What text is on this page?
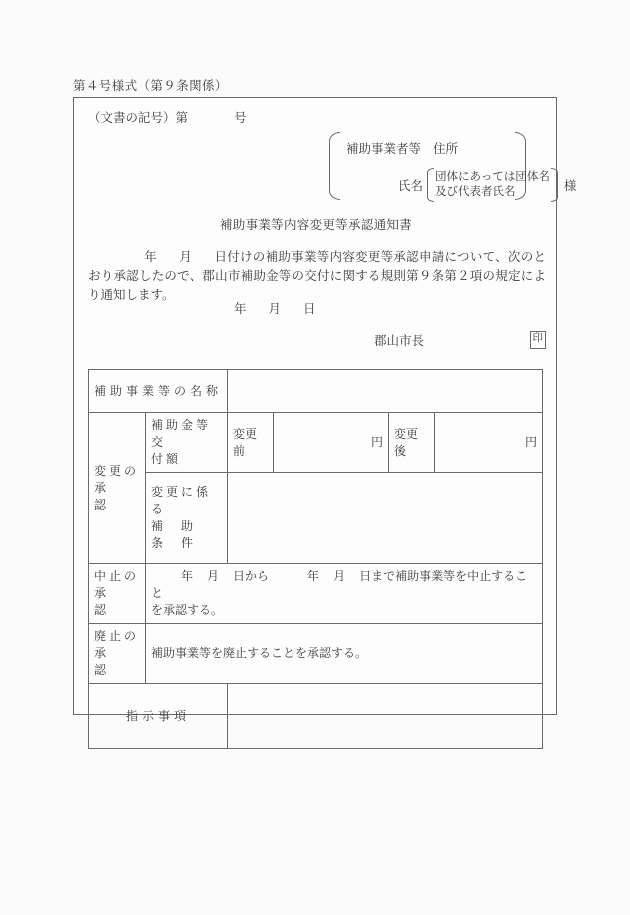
第４号様式（第９条関係）
（文書の記号）第	号
補助事業者等 住所
氏名
団体にあっては団体名
及び代表者氏名	様
補助事業等内容変更等承認通知書
年 月 日付けの補助事業等内容変更等承認申請について、次のとおり承認したので、郡山市補助金等の交付に関する規則第９条第２項の規定により通知します。
年 月 日
郡山市長	印
補助事業等の名称					

変更の
承　　認	補助金等交
付額	変更前	円	変更後	円

	変更に係る
補　助　条　件				

中止の
承　　認	年 月 日から 年 月 日まで補助事業等を中止すること
を承認する。				

廃止の
承　　認	補助事業等を廃止することを承認する。				
指示事項					
